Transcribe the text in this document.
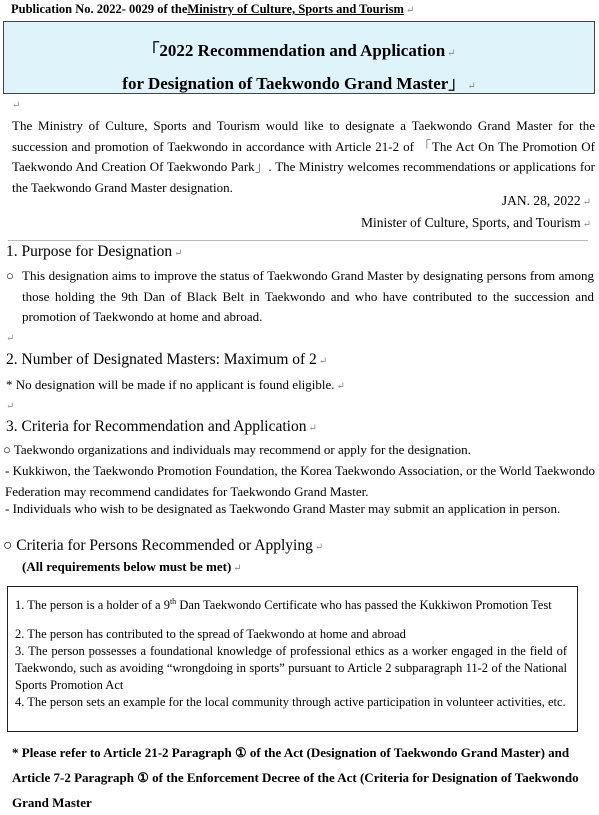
Publication No. 2022- 0029 of theMinistry of Culture, Sports and Tourism ↵
「2022 Recommendation and Application ↵
for Designation of Taekwondo Grand Master」 ↵
↵
The Ministry of Culture, Sports and Tourism would like to designate a Taekwondo Grand Master for the succession and promotion of Taekwondo in accordance with Article 21-2 of 「The Act On The Promotion Of Taekwondo And Creation Of Taekwondo Park」. The Ministry welcomes recommendations or applications for the Taekwondo Grand Master designation.
JAN. 28, 2022 ↵
Minister of Culture, Sports, and Tourism ↵
1. Purpose for Designation ↵
○ This designation aims to improve the status of Taekwondo Grand Master by designating persons from among those holding the 9th Dan of Black Belt in Taekwondo and who have contributed to the succession and promotion of Taekwondo at home and abroad.
↵
2. Number of Designated Masters: Maximum of 2 ↵
* No designation will be made if no applicant is found eligible. ↵
↵
3. Criteria for Recommendation and Application ↵
○ Taekwondo organizations and individuals may recommend or apply for the designation.
- Kukkiwon, the Taekwondo Promotion Foundation, the Korea Taekwondo Association, or the World Taekwondo Federation may recommend candidates for Taekwondo Grand Master.
- Individuals who wish to be designated as Taekwondo Grand Master may submit an application in person.
○ Criteria for Persons Recommended or Applying ↵
(All requirements below must be met) ↵
1. The person is a holder of a 9th Dan Taekwondo Certificate who has passed the Kukkiwon Promotion Test
2. The person has contributed to the spread of Taekwondo at home and abroad
3. The person possesses a foundational knowledge of professional ethics as a worker engaged in the field of Taekwondo, such as avoiding “wrongdoing in sports” pursuant to Article 2 subparagraph 11-2 of the National Sports Promotion Act
4. The person sets an example for the local community through active participation in volunteer activities, etc.
* Please refer to Article 21-2 Paragraph ① of the Act (Designation of Taekwondo Grand Master) and Article 7-2 Paragraph ① of the Enforcement Decree of the Act (Criteria for Designation of Taekwondo Grand Master
